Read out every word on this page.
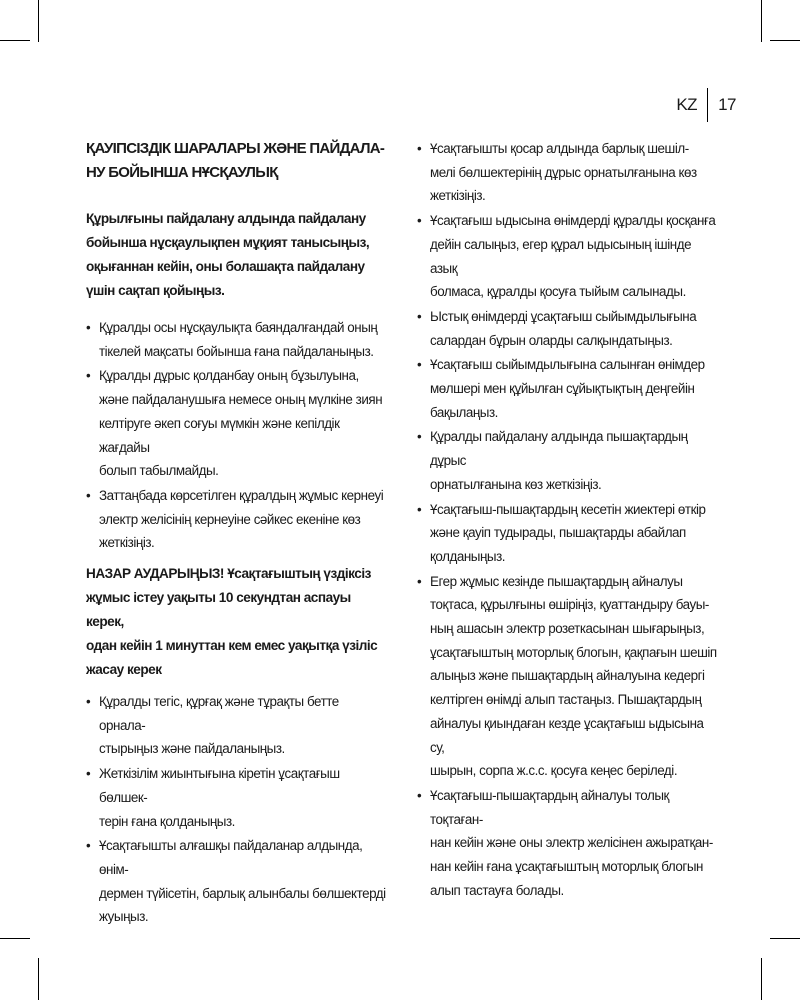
KZ 17
ҚАУІПСІЗДІК ШАРАЛАРЫ ЖӘНЕ ПАЙДАЛА-
НУ БОЙЫНША НҰСҚАУЛЫҚ
Құрылғыны пайдалану алдында пайдалану бойынша нұсқаулықпен мұқият танысыңыз, оқығаннан кейін, оны болашақта пайдалану үшін сақтап қойыңыз.
• Құралды осы нұсқаулықта баяндалғандай оның
тікелей мақсаты бойынша ғана пайдаланыңыз.
• Құралды дұрыс қолданбау оның бұзылуына,
және пайдаланушыға немесе оның мүлкіне зиян
келтіруге әкеп соғуы мүмкін және кепілдік жағдайы
болып табылмайды.
• Заттаңбада көрсетілген құралдың жұмыс кернеуі
электр желісінің кернеуіне сәйкес екеніне көз
жеткізіңіз.
НАЗАР АУДАРЫҢЫЗ! Ұсақтағыштың үздіксіз
жұмыс істеу уақыты 10 секундтан аспауы керек,
одан кейін 1 минуттан кем емес уақытқа үзіліс
жасау керек
• Құралды тегіс, құрғақ және тұрақты бетте орнала-
стырыңыз және пайдаланыңыз.
• Жеткізілім жиынтығына кіретін ұсақтағыш бөлшек-
терін ғана қолданыңыз.
• Ұсақтағышты алғашқы пайдаланар алдында, өнім-
дермен түйісетін, барлық алынбалы бөлшектерді
жуыңыз.
• Ұсақтағышты қосар алдында барлық шешіл-
мелі бөлшектерінің дұрыс орнатылғанына көз
жеткізіңіз.
• Ұсақтағыш ыдысына өнімдерді құралды қосқанға
дейін салыңыз, егер құрал ыдысының ішінде азық
болмаса, құралды қосуға тыйым салынады.
• Ыстық өнімдерді ұсақтағыш сыйымдылығына
салардан бұрын оларды салқындатыңыз.
• Ұсақтағыш сыйымдылығына салынған өнімдер
мөлшері мен құйылған сұйықтықтың деңгейін
бақылаңыз.
• Құралды пайдалану алдында пышақтардың дұрыс
орнатылғанына көз жеткізіңіз.
• Ұсақтағыш-пышақтардың кесетін жиектері өткір
және қауіп тудырады, пышақтарды абайлап
қолданыңыз.
• Егер жұмыс кезінде пышақтардың айналуы
тоқтаса, құрылғыны өшіріңіз, қуаттандыру бауы-
ның ашасын электр розеткасынан шығарыңыз,
ұсақтағыштың моторлық блогын, қақпағын шешіп
алыңыз және пышақтардың айналуына кедергі
келтірген өнімді алып тастаңыз. Пышақтардың
айналуы қиындаған кезде ұсақтағыш ыдысына су,
шырын, сорпа ж.с.с. қосуға кеңес беріледі.
• Ұсақтағыш-пышақтардың айналуы толық тоқтаған-
нан кейін және оны электр желісінен ажыратқан-
нан кейін ғана ұсақтағыштың моторлық блогын
алып тастауға болады.
